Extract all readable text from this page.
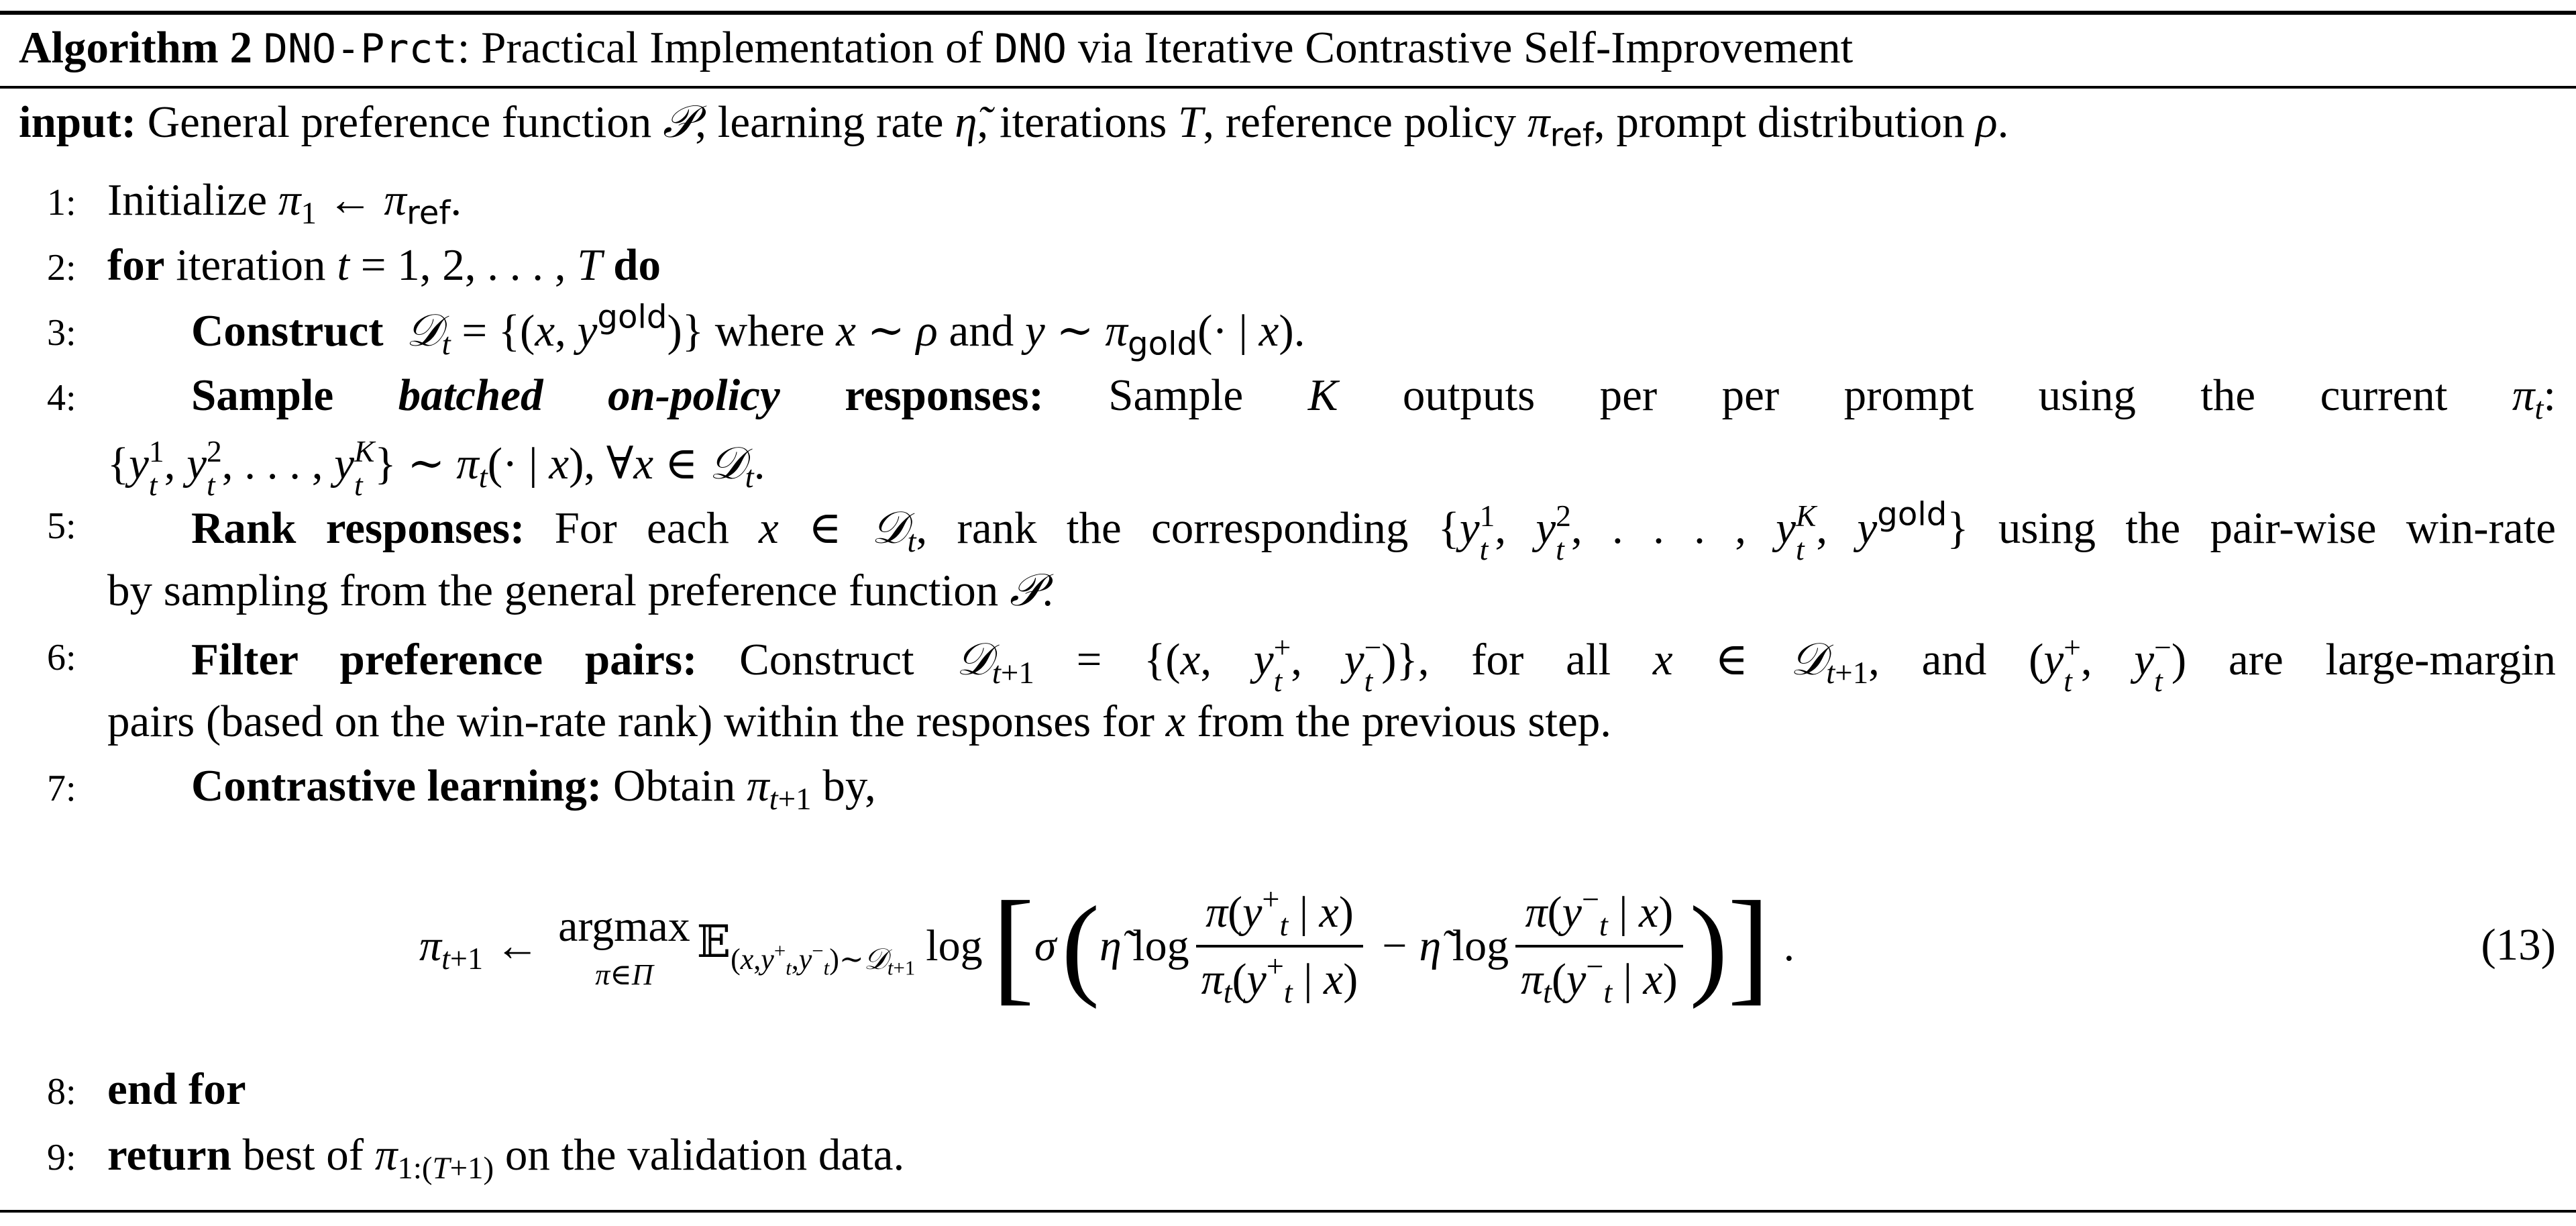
Algorithm 2 DNO-Prct: Practical Implementation of DNO via Iterative Contrastive Self-Improvement
input: General preference function 𝒫, learning rate η̃, iterations T, reference policy $\pi_{ref}$, prompt distribution ρ.
1: Initialize $\pi_1$ ← $\pi_{ref}$.
2: for iteration t = 1, 2, . . . , T do
3:	Construct 𝒟$_t$ = {(x, $y^{gold}$)} where x ∼ ρ and y ∼ $\pi_{gold}(\cdot$ | x).
4:	Sample batched on-policy responses: Sample K outputs per per prompt using the current $\pi_t$:
{y 1
t , y 2
t , . . . , y K
t } ∼ $\pi_t(\cdot$ | x), ∀x ∈ 𝒟$_t$.
5:	Rank responses: For each x ∈ 𝒟$_t$, rank the corresponding {y 1
t , y 2
t , . . . , y K
t , $y^{gold}$} using the pair-wise win-rate
by sampling from the general preference function 𝒫.
6:	Filter preference pairs: Construct 𝒟$_{t+1}$ = {(x, y +
t , y −
t )}, for all x ∈ 𝒟$_{t+1}$, and (y +
t , y −
t ) are large-margin
pairs (based on the win-rate rank) within the responses for x from the previous step.
7:	Contrastive learning: Obtain $\pi_{t+1}$ by,
$\pi_{t+1}$ ← argmax
π∈Π
𝔼$_{(x,y^+_t,y^-_t)\sim 𝒟_{t+1}}$ log [ σ ( η̃ $\log \frac{\pi(y^+_t | x)}{\pi_t(y^+_t | x)}$ − η̃ $\log \frac{\pi(y^-_t | x)}{\pi_t(y^-_t | x)}$ ) ] .	(13)
8: end for
9: return best of $\pi_{1:(T+1)}$ on the validation data.
